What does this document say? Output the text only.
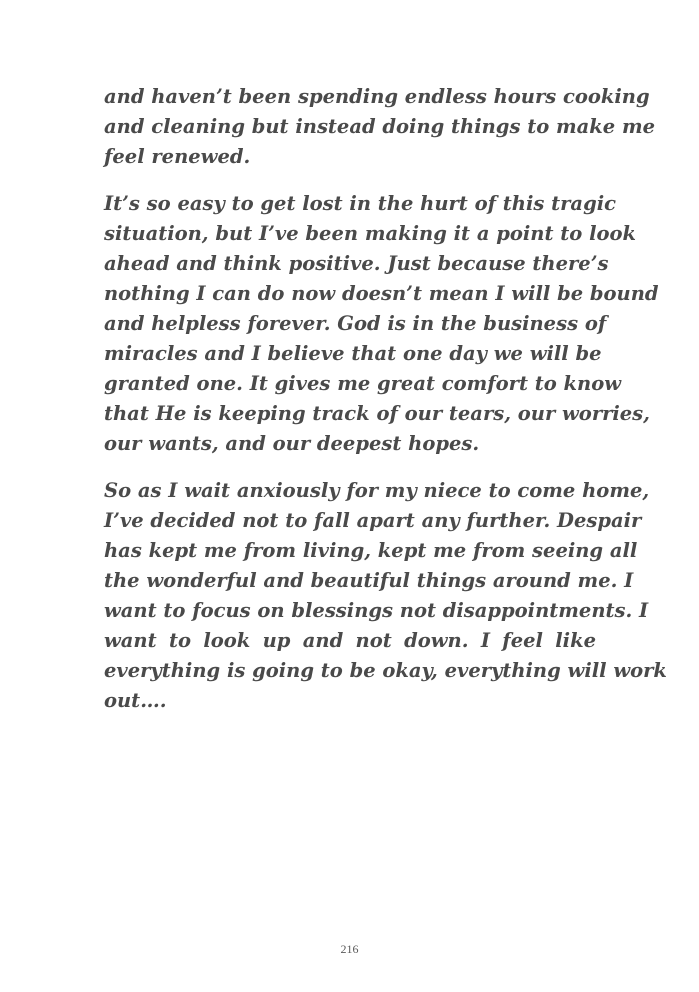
and haven’t been spending endless hours cooking
and cleaning but instead doing things to make me
feel renewed.

It’s so easy to get lost in the hurt of this tragic
situation, but I’ve been making it a point to look
ahead and think positive. Just because there’s
nothing I can do now doesn’t mean I will be bound
and helpless forever. God is in the business of
miracles and I believe that one day we will be
granted one. It gives me great comfort to know
that He is keeping track of our tears, our worries,
our wants, and our deepest hopes.

So as I wait anxiously for my niece to come home,
I’ve decided not to fall apart any further. Despair
has kept me from living, kept me from seeing all
the wonderful and beautiful things around me. I
want to focus on blessings not disappointments. I
want to look up and not down. I feel like
everything is going to be okay, everything will work
out….

216
